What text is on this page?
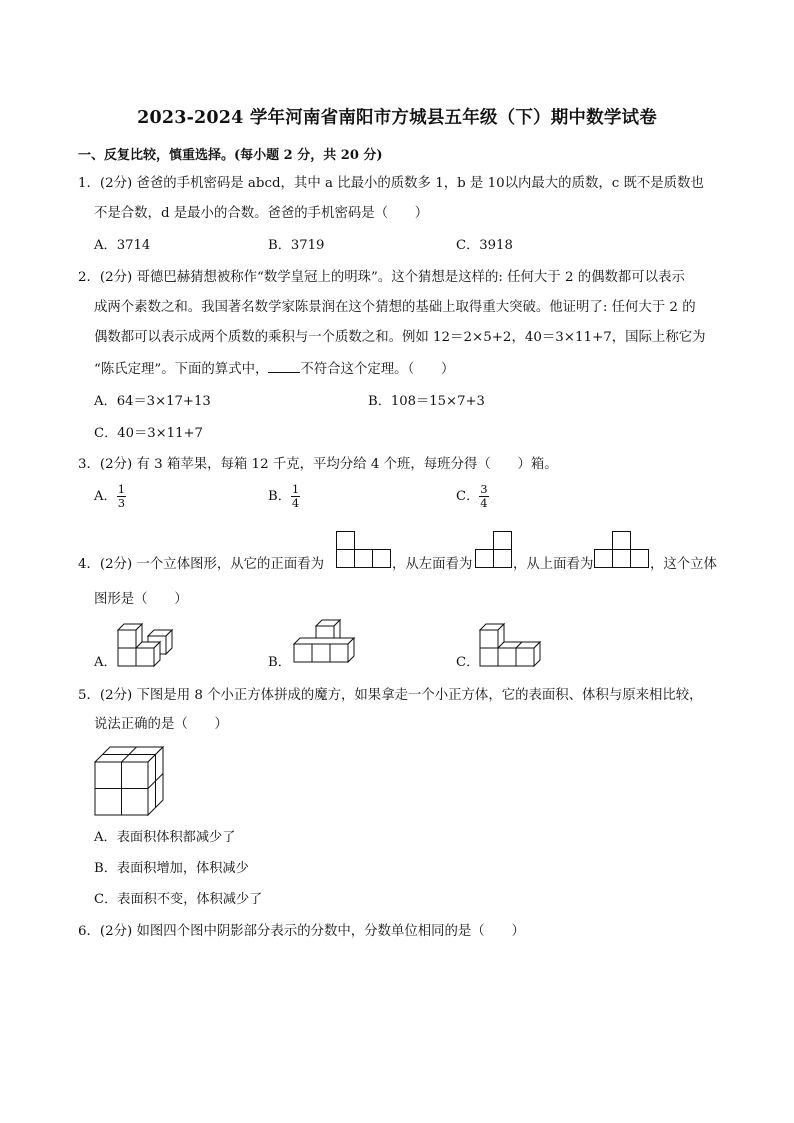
2023-2024 学年河南省南阳市方城县五年级（下）期中数学试卷
一、反复比较，慎重选择。(每小题 2 分，共 20 分)
1．(2分) 爸爸的手机密码是 abcd，其中 a 比最小的质数多 1，b 是 10以内最大的质数，c 既不是质数也
不是合数，d 是最小的合数。爸爸的手机密码是（　　）
A．3714	B．3719	C．3918
2．(2分) 哥德巴赫猜想被称作“数学皇冠上的明珠”。这个猜想是这样的: 任何大于 2 的偶数都可以表示
成两个素数之和。我国著名数学家陈景润在这个猜想的基础上取得重大突破。他证明了: 任何大于 2 的
偶数都可以表示成两个质数的乘积与一个质数之和。例如 12＝2×5+2，40＝3×11+7，国际上称它为
“陈氏定理”。下面的算式中， 不符合这个定理。（　　）
A．64＝3×17+13	B．108＝15×7+3
C．40＝3×11+7
3．(2分) 有 3 箱苹果，每箱 12 千克，平均分给 4 个班，每班分得（　　）箱。
A． $\frac{1}{3}$	B． $\frac{1}{4}$	C． $\frac{3}{4}$
4．(2分) 一个立体图形，从它的正面看为	，从左面看为	，从上面看为	，这个立体
图形是（　　）
A．	B．	C．
5．(2分) 下图是用 8 个小正方体拼成的魔方，如果拿走一个小正方体，它的表面积、体积与原来相比较，
说法正确的是（　　）
A．表面积体积都减少了
B．表面积增加，体积减少
C．表面积不变，体积减少了
6．(2分) 如图四个图中阴影部分表示的分数中，分数单位相同的是（　　）
